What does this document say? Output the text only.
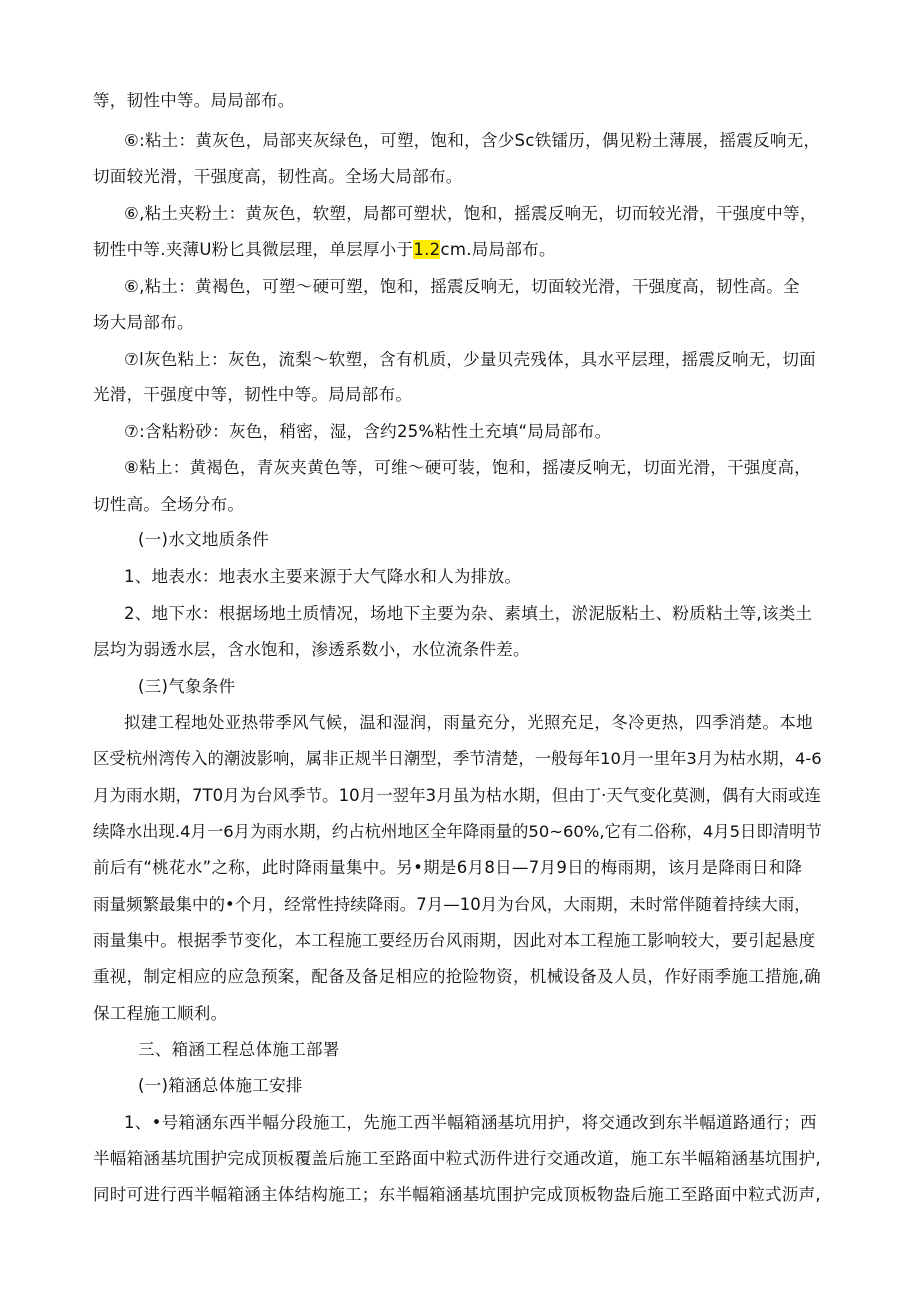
等，韧性中等。局局部布。
⑥:粘土：黄灰色，局部夹灰绿色，可塑，饱和，含少Sc铁镭历，偶见粉土薄展，摇震反响无，
切面较光滑，干强度高，韧性高。全场大局部布。
⑥,粘土夹粉土：黄灰色，软塑，局都可塑状，饱和，摇震反响无，切而较光滑，干强度中等，
韧性中等.夹薄U粉匕具微层理，单层厚小于1.2cm.局局部布。
⑥,粘土：黄褐色，可塑～硬可塑，饱和，摇震反响无，切面较光滑，干强度高，韧性高。全
场大局部布。
⑦l灰色粘上：灰色，流梨～软塑，含有机质，少量贝壳残体，具水平层理，摇震反响无，切面
光滑，干强度中等，韧性中等。局局部布。
⑦:含粘粉砂：灰色，稍密，湿，含约25%粘性土充填“局局部布。
⑧粘上：黄褐色，青灰夹黄色等，可维～硬可装，饱和，摇凄反响无，切面光滑，干强度高，
切性高。全场分布。
(一)水文地质条件
1、地表水：地表水主要来源于大气降水和人为排放。
2、地下水：根据场地土质情况，场地下主要为杂、素填土，淤泥版粘土、粉质粘土等,该类土
层均为弱透水层，含水饱和，渗透系数小，水位流条件差。
(三)气象条件
拟建工程地处亚热带季风气候，温和湿润，雨量充分，光照充足，冬冷更热，四季消楚。本地
区受杭州湾传入的潮波影响，属非正规半日潮型，季节清楚，一般每年10月一里年3月为枯水期，4-6
月为雨水期，7T0月为台风季节。10月一翌年3月虽为枯水期，但由丁·天气变化莫测，偶有大雨或连
续降水出现.4月一6月为雨水期，约占杭州地区全年降雨量的50~60%,它有二俗称，4月5日即清明节
前后有“桃花水”之称，此时降雨量集中。另•期是6月8日—7月9日的梅雨期，该月是降雨日和降
雨量频繁最集中的•个月，经常性持续降雨。7月—10月为台风，大雨期，未时常伴随着持续大雨，
雨量集中。根据季节变化，本工程施工要经历台风雨期，因此对本工程施工影响较大，要引起悬度
重视，制定相应的应急预案，配备及备足相应的抢险物资，机械设备及人员，作好雨季施工措施,确
保工程施工顺利。
三、箱涵工程总体施工部署
(一)箱涵总体施工安排
1、•号箱涵东西半幅分段施工，先施工西半幅箱涵基坑用护，将交通改到东半幅道路通行；西
半幅箱涵基坑围护完成顶板覆盖后施工至路面中粒式沥件进行交通改道，施工东半幅箱涵基坑围护,
同时可进行西半幅箱涵主体结构施工；东半幅箱涵基坑围护完成顶板物盎后施工至路面中粒式沥声,
